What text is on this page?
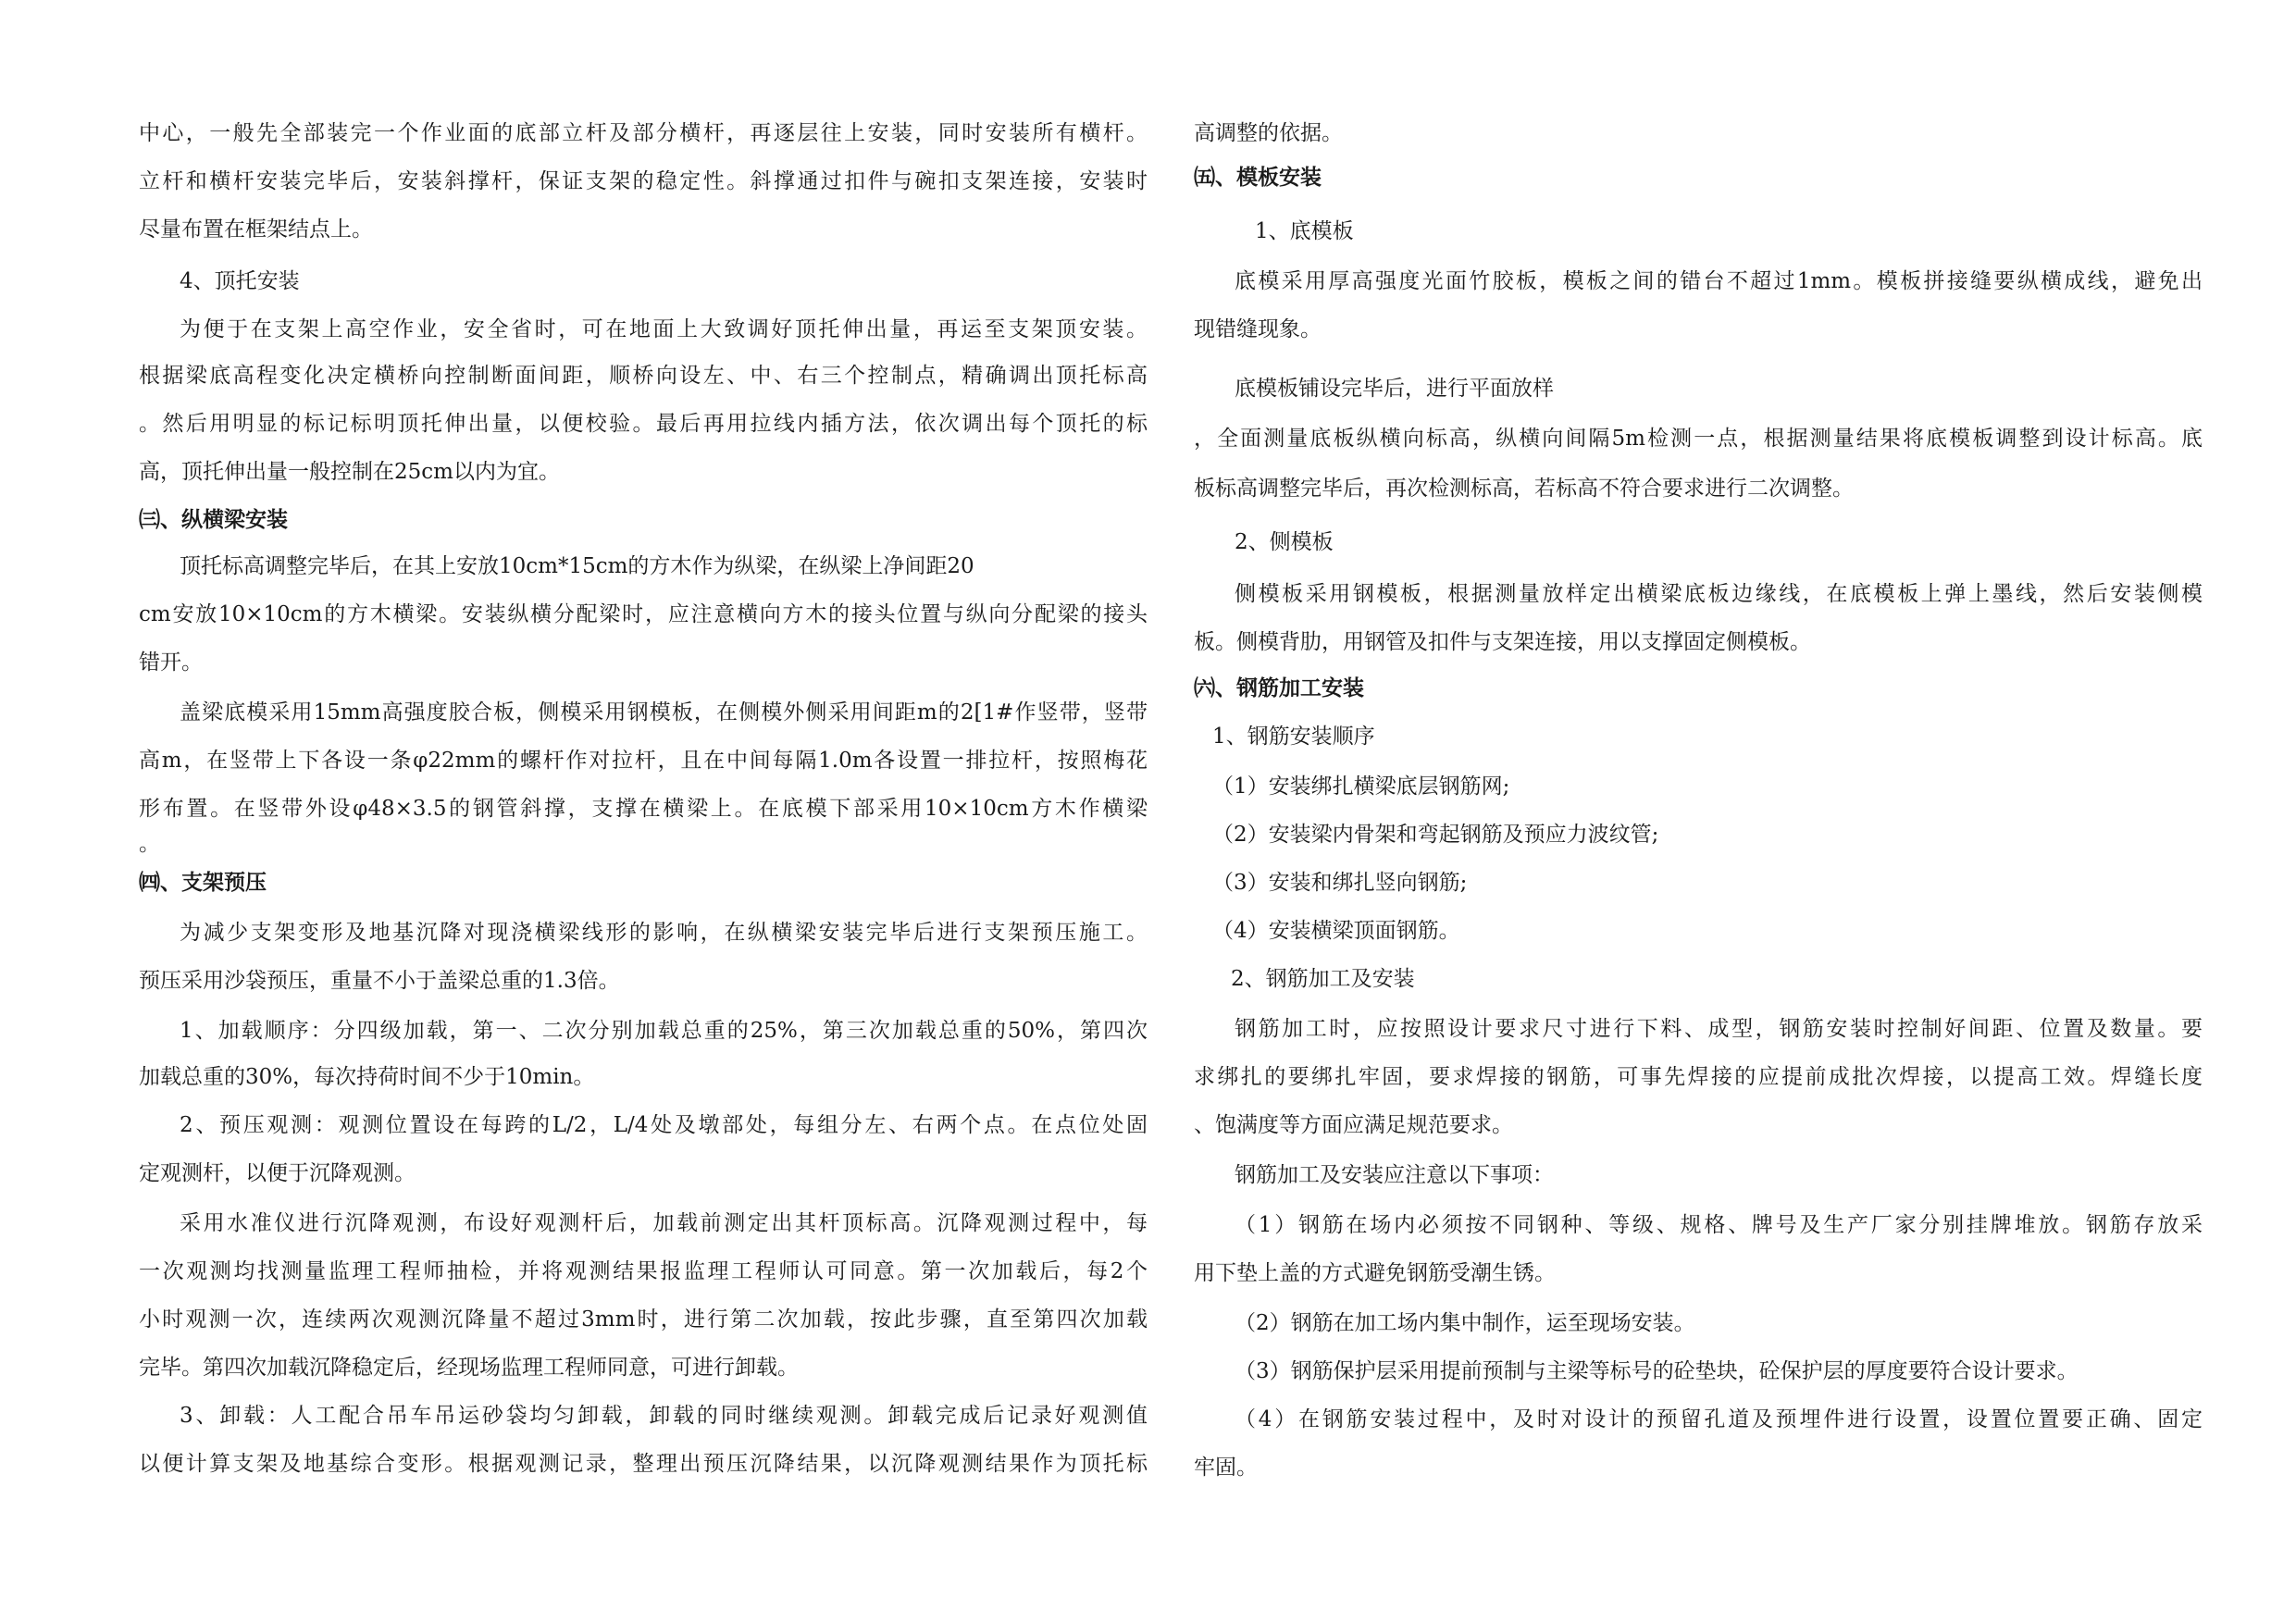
中心，一般先全部装完一个作业面的底部立杆及部分横杆，再逐层往上安装，同时安装所有横杆。
立杆和横杆安装完毕后，安装斜撑杆，保证支架的稳定性。斜撑通过扣件与碗扣支架连接，安装时
尽量布置在框架结点上。
4、顶托安装
为便于在支架上高空作业，安全省时，可在地面上大致调好顶托伸出量，再运至支架顶安装。
根据梁底高程变化决定横桥向控制断面间距，顺桥向设左、中、右三个控制点，精确调出顶托标高
。然后用明显的标记标明顶托伸出量，以便校验。最后再用拉线内插方法，依次调出每个顶托的标
高，顶托伸出量一般控制在25cm以内为宜。
㈢、纵横梁安装
顶托标高调整完毕后，在其上安放10cm*15cm的方木作为纵梁，在纵梁上净间距20
cm安放10×10cm的方木横梁。安装纵横分配梁时，应注意横向方木的接头位置与纵向分配梁的接头
错开。
盖梁底模采用15mm高强度胶合板，侧模采用钢模板，在侧模外侧采用间距m的2[1#作竖带，竖带
高m，在竖带上下各设一条φ22mm的螺杆作对拉杆，且在中间每隔1.0m各设置一排拉杆，按照梅花
形布置。在竖带外设φ48×3.5的钢管斜撑，支撑在横梁上。在底模下部采用10×10cm方木作横梁
。
㈣、支架预压
为减少支架变形及地基沉降对现浇横梁线形的影响，在纵横梁安装完毕后进行支架预压施工。
预压采用沙袋预压，重量不小于盖梁总重的1.3倍。
1、加载顺序：分四级加载，第一、二次分别加载总重的25%，第三次加载总重的50%，第四次
加载总重的30%，每次持荷时间不少于10min。
2、预压观测：观测位置设在每跨的L/2，L/4处及墩部处，每组分左、右两个点。在点位处固
定观测杆，以便于沉降观测。
采用水准仪进行沉降观测，布设好观测杆后，加载前测定出其杆顶标高。沉降观测过程中，每
一次观测均找测量监理工程师抽检，并将观测结果报监理工程师认可同意。第一次加载后，每2个
小时观测一次，连续两次观测沉降量不超过3mm时，进行第二次加载，按此步骤，直至第四次加载
完毕。第四次加载沉降稳定后，经现场监理工程师同意，可进行卸载。
3、卸载：人工配合吊车吊运砂袋均匀卸载，卸载的同时继续观测。卸载完成后记录好观测值
以便计算支架及地基综合变形。根据观测记录，整理出预压沉降结果，以沉降观测结果作为顶托标
高调整的依据。
㈤、模板安装
1、底模板
底模采用厚高强度光面竹胶板，模板之间的错台不超过1mm。模板拼接缝要纵横成线，避免出
现错缝现象。
底模板铺设完毕后，进行平面放样
，全面测量底板纵横向标高，纵横向间隔5m检测一点，根据测量结果将底模板调整到设计标高。底
板标高调整完毕后，再次检测标高，若标高不符合要求进行二次调整。
2、侧模板
侧模板采用钢模板，根据测量放样定出横梁底板边缘线，在底模板上弹上墨线，然后安装侧模
板。侧模背肋，用钢管及扣件与支架连接，用以支撑固定侧模板。
㈥、钢筋加工安装
1、钢筋安装顺序
（1）安装绑扎横梁底层钢筋网;
（2）安装梁内骨架和弯起钢筋及预应力波纹管;
（3）安装和绑扎竖向钢筋;
（4）安装横梁顶面钢筋。
2、钢筋加工及安装
钢筋加工时，应按照设计要求尺寸进行下料、成型，钢筋安装时控制好间距、位置及数量。要
求绑扎的要绑扎牢固，要求焊接的钢筋，可事先焊接的应提前成批次焊接，以提高工效。焊缝长度
、饱满度等方面应满足规范要求。
钢筋加工及安装应注意以下事项：
（1）钢筋在场内必须按不同钢种、等级、规格、牌号及生产厂家分别挂牌堆放。钢筋存放采
用下垫上盖的方式避免钢筋受潮生锈。
（2）钢筋在加工场内集中制作，运至现场安装。
（3）钢筋保护层采用提前预制与主梁等标号的砼垫块，砼保护层的厚度要符合设计要求。
（4）在钢筋安装过程中，及时对设计的预留孔道及预埋件进行设置，设置位置要正确、固定
牢固。
